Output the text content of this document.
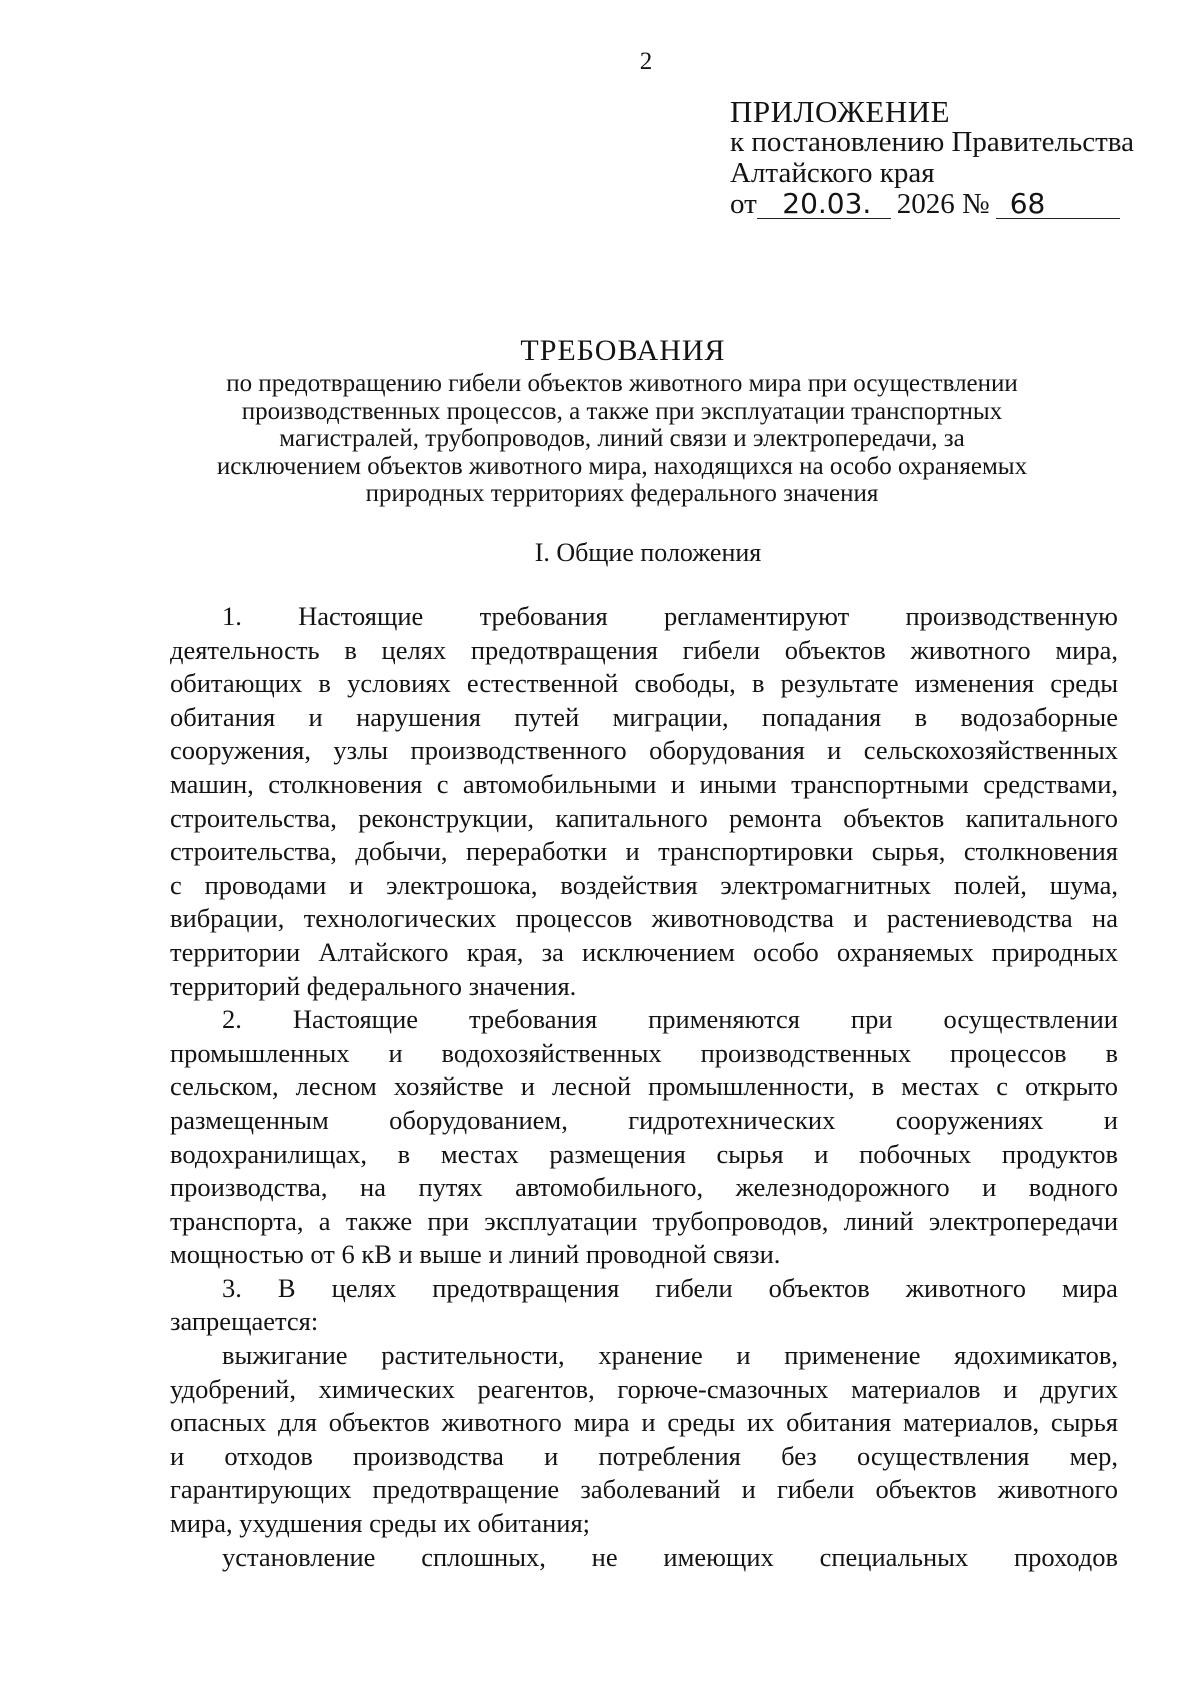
2
ПРИЛОЖЕНИЕ
к постановлению Правительства
Алтайского края
от 20.03. 2026 № 68
ТРЕБОВАНИЯ
по предотвращению гибели объектов животного мира при осуществлении
производственных процессов, а также при эксплуатации транспортных
магистралей, трубопроводов, линий связи и электропередачи, за
исключением объектов животного мира, находящихся на особо охраняемых
природных территориях федерального значения
I. Общие положения

1. Настоящие требования регламентируют производственную
деятельность в целях предотвращения гибели объектов животного мира,
обитающих в условиях естественной свободы, в результате изменения среды
обитания и нарушения путей миграции, попадания в водозаборные
сооружения, узлы производственного оборудования и сельскохозяйственных
машин, столкновения с автомобильными и иными транспортными средствами,
строительства, реконструкции, капитального ремонта объектов капитального
строительства, добычи, переработки и транспортировки сырья, столкновения
с проводами и электрошока, воздействия электромагнитных полей, шума,
вибрации, технологических процессов животноводства и растениеводства на
территории Алтайского края, за исключением особо охраняемых природных
территорий федерального значения.

2. Настоящие требования применяются при осуществлении
промышленных и водохозяйственных производственных процессов в
сельском, лесном хозяйстве и лесной промышленности, в местах с открыто
размещенным оборудованием, гидротехнических сооружениях и
водохранилищах, в местах размещения сырья и побочных продуктов
производства, на путях автомобильного, железнодорожного и водного
транспорта, а также при эксплуатации трубопроводов, линий электропередачи
мощностью от 6 кВ и выше и линий проводной связи.

3. В целях предотвращения гибели объектов животного мира
запрещается:

выжигание растительности, хранение и применение ядохимикатов,
удобрений, химических реагентов, горюче-смазочных материалов и других
опасных для объектов животного мира и среды их обитания материалов, сырья
и отходов производства и потребления без осуществления мер,
гарантирующих предотвращение заболеваний и гибели объектов животного
мира, ухудшения среды их обитания;

установление сплошных, не имеющих специальных проходов
